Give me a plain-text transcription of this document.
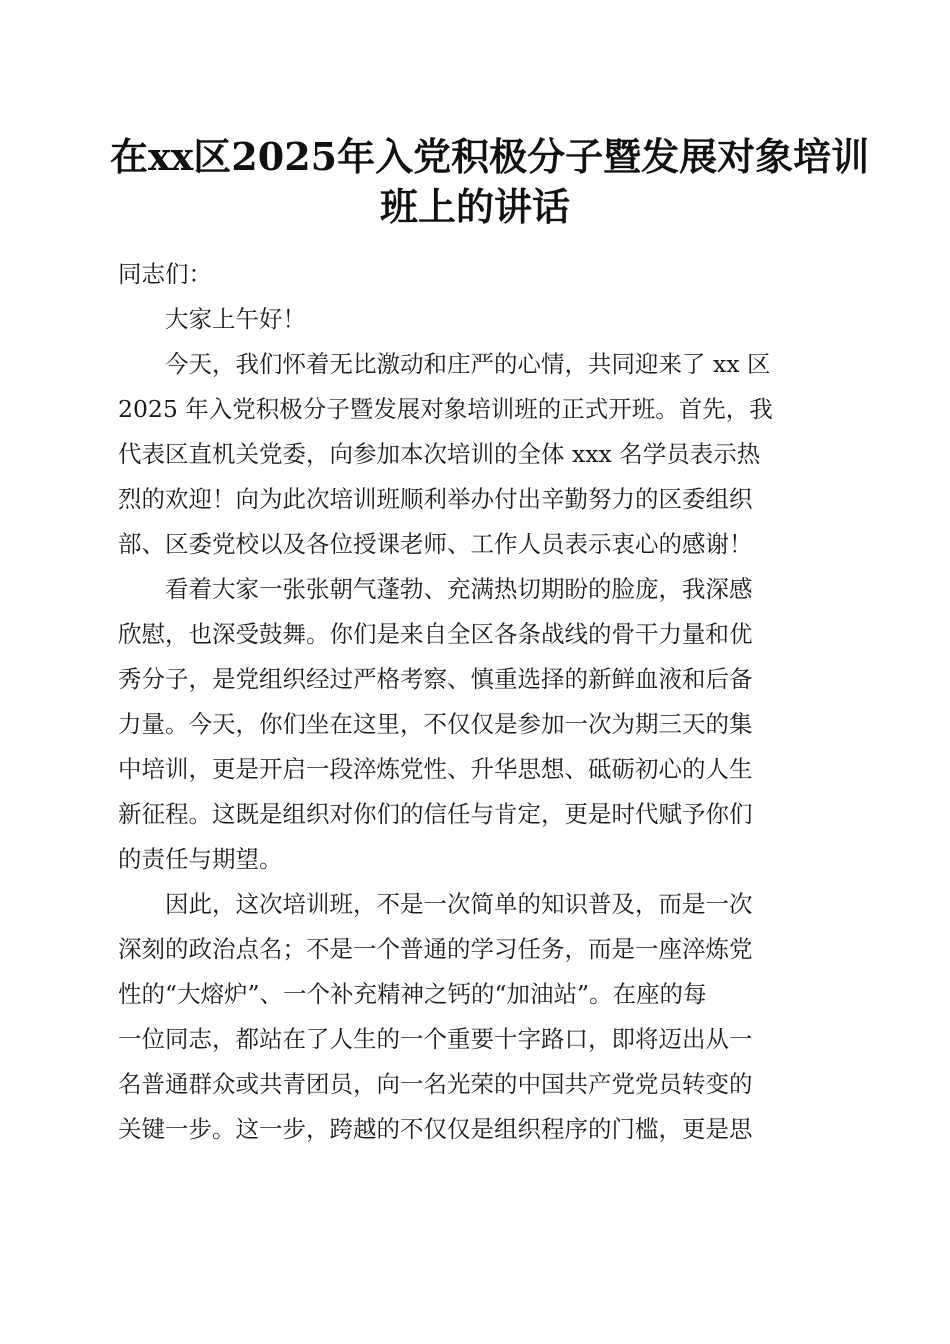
在xx区2025年入党积极分子暨发展对象培训
班上的讲话

同志们：

大家上午好！

今天，我们怀着无比激动和庄严的心情，共同迎来了 xx 区
2025 年入党积极分子暨发展对象培训班的正式开班。首先，我
代表区直机关党委，向参加本次培训的全体 xxx 名学员表示热
烈的欢迎！向为此次培训班顺利举办付出辛勤努力的区委组织
部、区委党校以及各位授课老师、工作人员表示衷心的感谢！

看着大家一张张朝气蓬勃、充满热切期盼的脸庞，我深感
欣慰，也深受鼓舞。你们是来自全区各条战线的骨干力量和优
秀分子，是党组织经过严格考察、慎重选择的新鲜血液和后备
力量。今天，你们坐在这里，不仅仅是参加一次为期三天的集
中培训，更是开启一段淬炼党性、升华思想、砥砺初心的人生
新征程。这既是组织对你们的信任与肯定，更是时代赋予你们
的责任与期望。

因此，这次培训班，不是一次简单的知识普及，而是一次
深刻的政治点名；不是一个普通的学习任务，而是一座淬炼党
性的“大熔炉”、一个补充精神之钙的“加油站”。在座的每
一位同志，都站在了人生的一个重要十字路口，即将迈出从一
名普通群众或共青团员，向一名光荣的中国共产党党员转变的
关键一步。这一步，跨越的不仅仅是组织程序的门槛，更是思
